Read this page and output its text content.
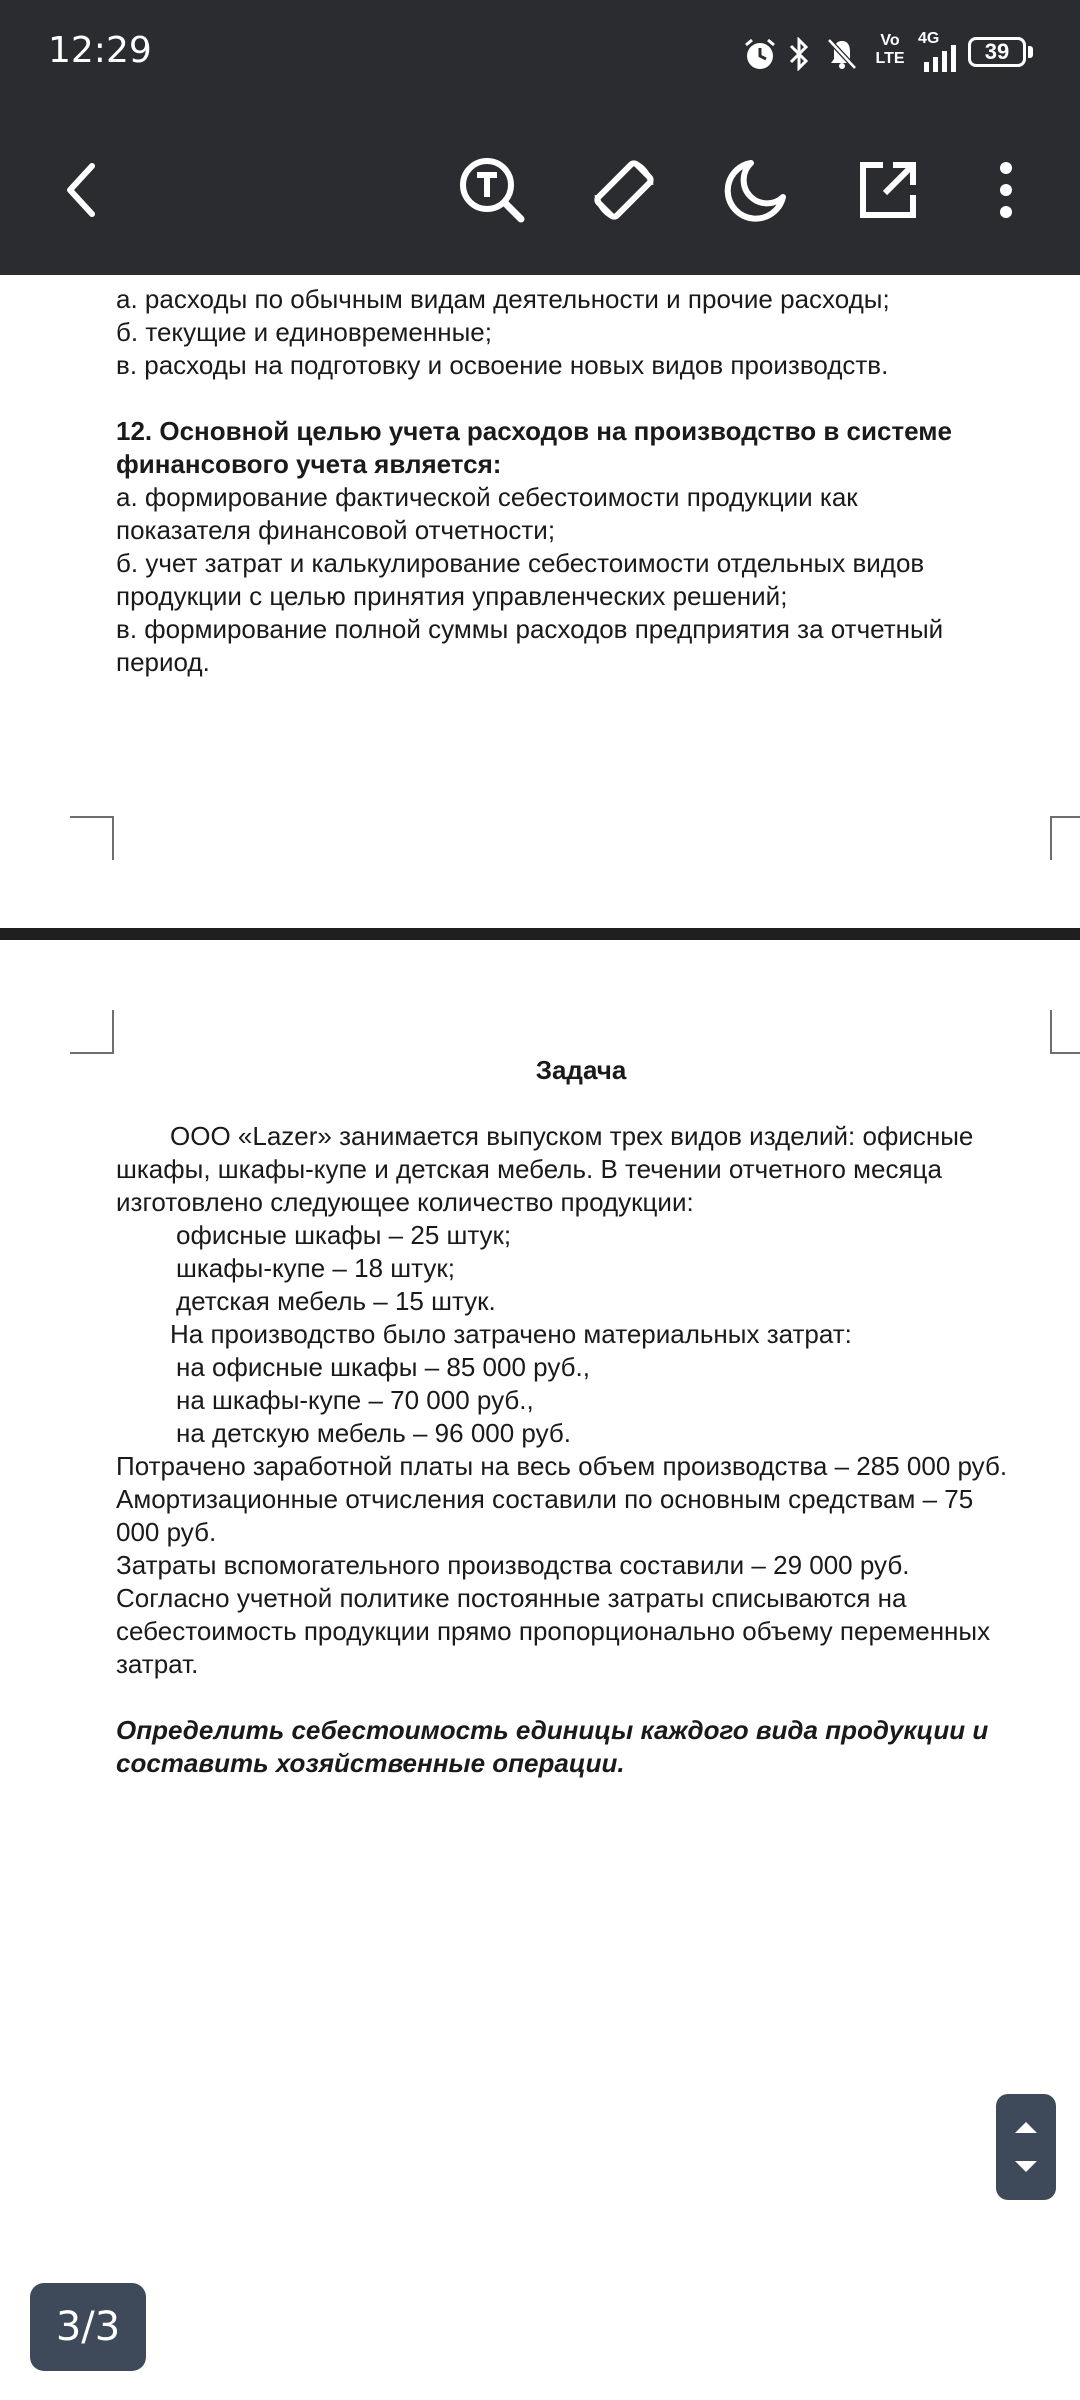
12:29	Vo
LTE
4G
39
а. расходы по обычным видам деятельности и прочие расходы;
б. текущие и единовременные;
в. расходы на подготовку и освоение новых видов производств.
12. Основной целью учета расходов на производство в системе
финансового учета является:
а. формирование фактической себестоимости продукции как
показателя финансовой отчетности;
б. учет затрат и калькулирование себестоимости отдельных видов
продукции с целью принятия управленческих решений;
в. формирование полной суммы расходов предприятия за отчетный
период.
Задача
ООО «Lazer» занимается выпуском трех видов изделий: офисные
шкафы, шкафы-купе и детская мебель. В течении отчетного месяца
изготовлено следующее количество продукции:
офисные шкафы – 25 штук;
шкафы-купе – 18 штук;
детская мебель – 15 штук.
На производство было затрачено материальных затрат:
на офисные шкафы – 85 000 руб.,
на шкафы-купе – 70 000 руб.,
на детскую мебель – 96 000 руб.
Потрачено заработной платы на весь объем производства – 285 000 руб.
Амортизационные отчисления составили по основным средствам – 75
000 руб.
Затраты вспомогательного производства составили – 29 000 руб.
Согласно учетной политике постоянные затраты списываются на
себестоимость продукции прямо пропорционально объему переменных
затрат.
Определить себестоимость единицы каждого вида продукции и
составить хозяйственные операции.
3/3
